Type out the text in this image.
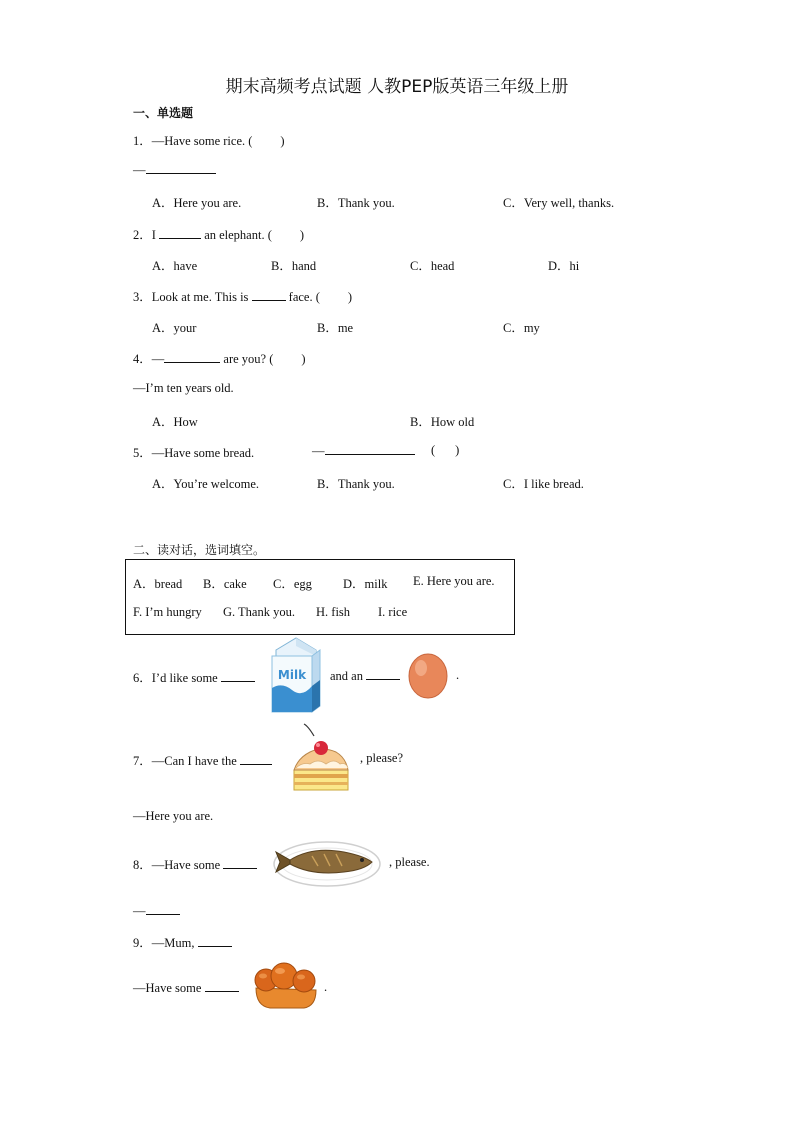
期末高频考点试题 人教PEP版英语三年级上册
一、单选题
1．—Have some rice. ( )
—
A．Here you are.	B．Thank you.	C．Very well, thanks.
2．I	an elephant. ( )
A．have	B．hand	C．head	D．hi
3．Look at me. This is	face. ( )
A．your	B．me	C．my
4．—	are you? ( )
—I’m ten years old.
A．How	B．How old
5．—Have some bread.	—	( )
A．You’re welcome.	B．Thank you.	C．I like bread.
二、读对话，选词填空。
A．bread B．cake C．egg D．milk E. Here you are.
F. I’m hungry G. Thank you. H. fish I. rice
6．I’d like some	Milk and an	.
7．—Can I have the	, please?
—Here you are.
8．—Have some	, please.
—
9．—Mum,
—Have some	.
